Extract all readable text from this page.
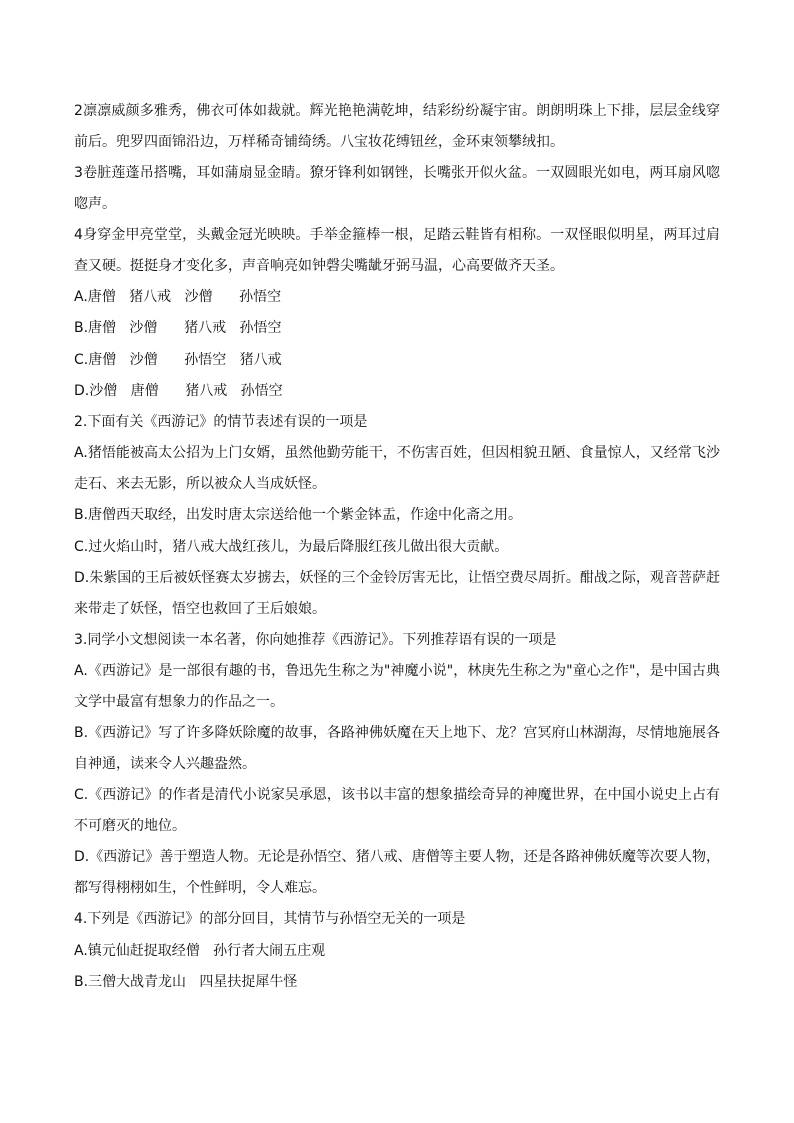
2凛凛威颜多雅秀，佛衣可体如裁就。辉光艳艳满乾坤，结彩纷纷凝宇宙。朗朗明珠上下排，层层金线穿前后。兜罗四面锦沿边，万样稀奇铺绮绣。八宝妆花缚钮丝，金环束领攀绒扣。

3卷脏莲蓬吊搭嘴，耳如蒲扇显金睛。獠牙锋利如钢锉，长嘴张开似火盆。一双圆眼光如电，两耳扇风唿唿声。

4身穿金甲亮堂堂，头戴金冠光映映。手举金箍棒一根，足踏云鞋皆有相称。一双怪眼似明星，两耳过肩查又硬。挺挺身才变化多，声音响亮如钟磬尖嘴龇牙弼马温，心高要做齐天圣。

A.唐僧   猪八戒   沙僧      孙悟空

B.唐僧   沙僧      猪八戒   孙悟空

C.唐僧   沙僧      孙悟空   猪八戒

D.沙僧   唐僧      猪八戒   孙悟空

2.下面有关《西游记》的情节表述有误的一项是

A.猪悟能被高太公招为上门女婿，虽然他勤劳能干，不伤害百姓，但因相貌丑陋、食量惊人，又经常飞沙走石、来去无影，所以被众人当成妖怪。

B.唐僧西天取经，出发时唐太宗送给他一个紫金钵盂，作途中化斋之用。

C.过火焰山时，猪八戒大战红孩儿，为最后降服红孩儿做出很大贡献。

D.朱紫国的王后被妖怪赛太岁掳去，妖怪的三个金铃厉害无比，让悟空费尽周折。酣战之际，观音菩萨赶来带走了妖怪，悟空也救回了王后娘娘。

3.同学小文想阅读一本名著，你向她推荐《西游记》。下列推荐语有误的一项是

A.《西游记》是一部很有趣的书，鲁迅先生称之为"神魔小说"，林庚先生称之为"童心之作"，是中国古典文学中最富有想象力的作品之一。

B.《西游记》写了许多降妖除魔的故事，各路神佛妖魔在天上地下、龙？宫冥府山林湖海，尽情地施展各自神通，读来令人兴趣盎然。

C.《西游记》的作者是清代小说家吴承恩，该书以丰富的想象描绘奇异的神魔世界，在中国小说史上占有不可磨灭的地位。

D.《西游记》善于塑造人物。无论是孙悟空、猪八戒、唐僧等主要人物，还是各路神佛妖魔等次要人物，都写得栩栩如生，个性鲜明，令人难忘。

4.下列是《西游记》的部分回目，其情节与孙悟空无关的一项是

A.镇元仙赶捉取经僧   孙行者大闹五庄观

B.三僧大战青龙山   四星扶捉犀牛怪
